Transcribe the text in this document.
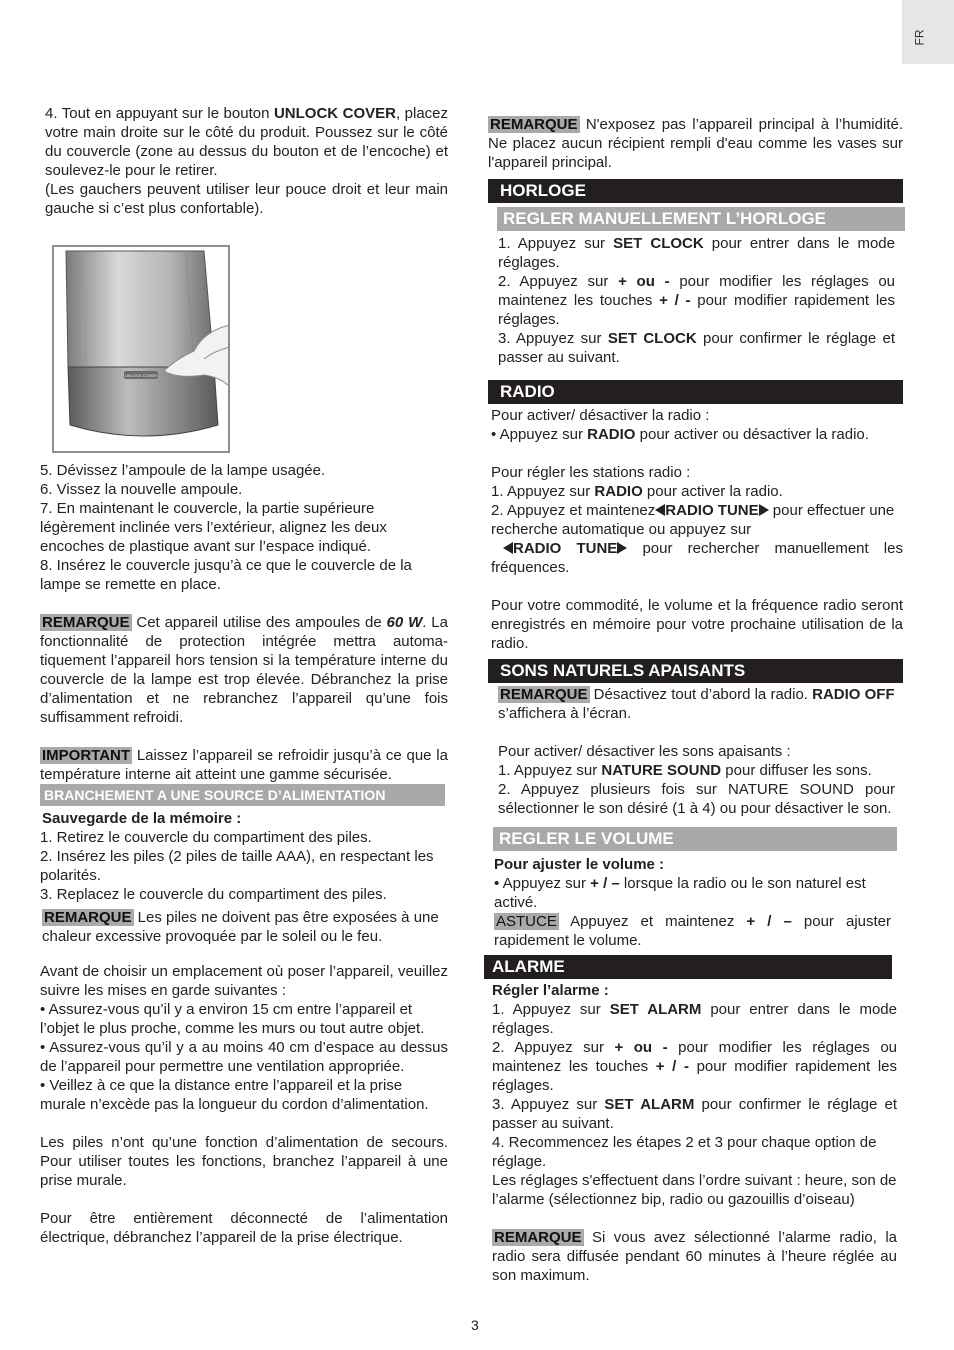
FR

4. Tout en appuyant sur le bouton UNLOCK COVER, placez votre main droite sur le côté du produit. Poussez sur le côté du couvercle (zone au dessus du bouton et de l’encoche) et soulevez-le pour le retirer.

(Les gauchers peuvent utiliser leur pouce droit et leur main gauche si c’est plus confortable).

UNLOCK COVER

5. Dévissez l’ampoule de la lampe usagée.

6. Vissez la nouvelle ampoule.

7. En maintenant le couvercle, la partie supérieure légèrement inclinée vers l’extérieur, alignez les deux encoches de plastique avant sur l’espace indiqué.

8. Insérez le couvercle jusqu’à ce que le couvercle de la lampe se remette en place.

REMARQUE Cet appareil utilise des ampoules de 60 W. La fonctionnalité de protection intégrée mettra automa-tiquement l’appareil hors tension si la température interne du couvercle de la lampe est trop élevée. Débranchez la prise d’alimentation et ne rebranchez l’appareil qu’une fois suffisamment refroidi.

IMPORTANT Laissez l’appareil se refroidir jusqu’à ce que la température interne ait atteint une gamme sécurisée.

BRANCHEMENT A UNE SOURCE D’ALIMENTATION

Sauvegarde de la mémoire :

1. Retirez le couvercle du compartiment des piles.

2. Insérez les piles (2 piles de taille AAA), en respectant les polarités.

3. Replacez le couvercle du compartiment des piles.

REMARQUE Les piles ne doivent pas être exposées à une chaleur excessive provoquée par le soleil ou le feu.

Avant de choisir un emplacement où poser l’appareil, veuillez suivre les mises en garde suivantes :

• Assurez-vous qu’il y a environ 15 cm entre l’appareil et l’objet le plus proche, comme les murs ou tout autre objet.

• Assurez-vous qu’il y a au moins 40 cm d’espace au dessus de l’appareil pour permettre une ventilation appropriée.

• Veillez à ce que la distance entre l’appareil et la prise murale n’excède pas la longueur du cordon d’alimentation.

Les piles n’ont qu’une fonction d’alimentation de secours. Pour utiliser toutes les fonctions, branchez l’appareil à une prise murale.

Pour être entièrement déconnecté de l’alimentation électrique, débranchez l’appareil de la prise électrique.

REMARQUE N'exposez pas l’appareil principal à l’humidité. Ne placez aucun récipient rempli d'eau comme les vases sur l'appareil principal.

HORLOGE
REGLER MANUELLEMENT L’HORLOGE

1. Appuyez sur SET CLOCK pour entrer dans le mode réglages.

2. Appuyez sur + ou - pour modifier les réglages ou maintenez les touches + / - pour modifier rapidement les réglages.

3. Appuyez sur SET CLOCK pour confirmer le réglage et passer au suivant.

RADIO

Pour activer/ désactiver la radio :

• Appuyez sur RADIO pour activer ou désactiver la radio.

Pour régler les stations radio :

1. Appuyez sur RADIO pour activer la radio.

2. Appuyez et maintenez RADIO TUNE pour effectuer une recherche automatique ou appuyez sur

RADIO TUNE pour rechercher manuellement les fréquences.

Pour votre commodité, le volume et la fréquence radio seront enregistrés en mémoire pour votre prochaine utilisation de la radio.

SONS NATURELS APAISANTS

REMARQUE Désactivez tout d’abord la radio. RADIO OFF s’affichera à l’écran.

Pour activer/ désactiver les sons apaisants :

1. Appuyez sur NATURE SOUND pour diffuser les sons.

2. Appuyez plusieurs fois sur NATURE SOUND pour sélectionner le son désiré (1 à 4) ou pour désactiver le son.

REGLER LE VOLUME

Pour ajuster le volume :

• Appuyez sur + / – lorsque la radio ou le son naturel est activé.

ASTUCE Appuyez et maintenez + / – pour ajuster rapidement le volume.

ALARME

Régler l’alarme :

1. Appuyez sur SET ALARM pour entrer dans le mode réglages.

2. Appuyez sur + ou - pour modifier les réglages ou maintenez les touches + / - pour modifier rapidement les réglages.

3. Appuyez sur SET ALARM pour confirmer le réglage et passer au suivant.

4. Recommencez les étapes 2 et 3 pour chaque option de réglage.

Les réglages s'effectuent dans l’ordre suivant : heure, son de l’alarme (sélectionnez bip, radio ou gazouillis d’oiseau)

REMARQUE Si vous avez sélectionné l’alarme radio, la radio sera diffusée pendant 60 minutes à l’heure réglée au son maximum.

3
